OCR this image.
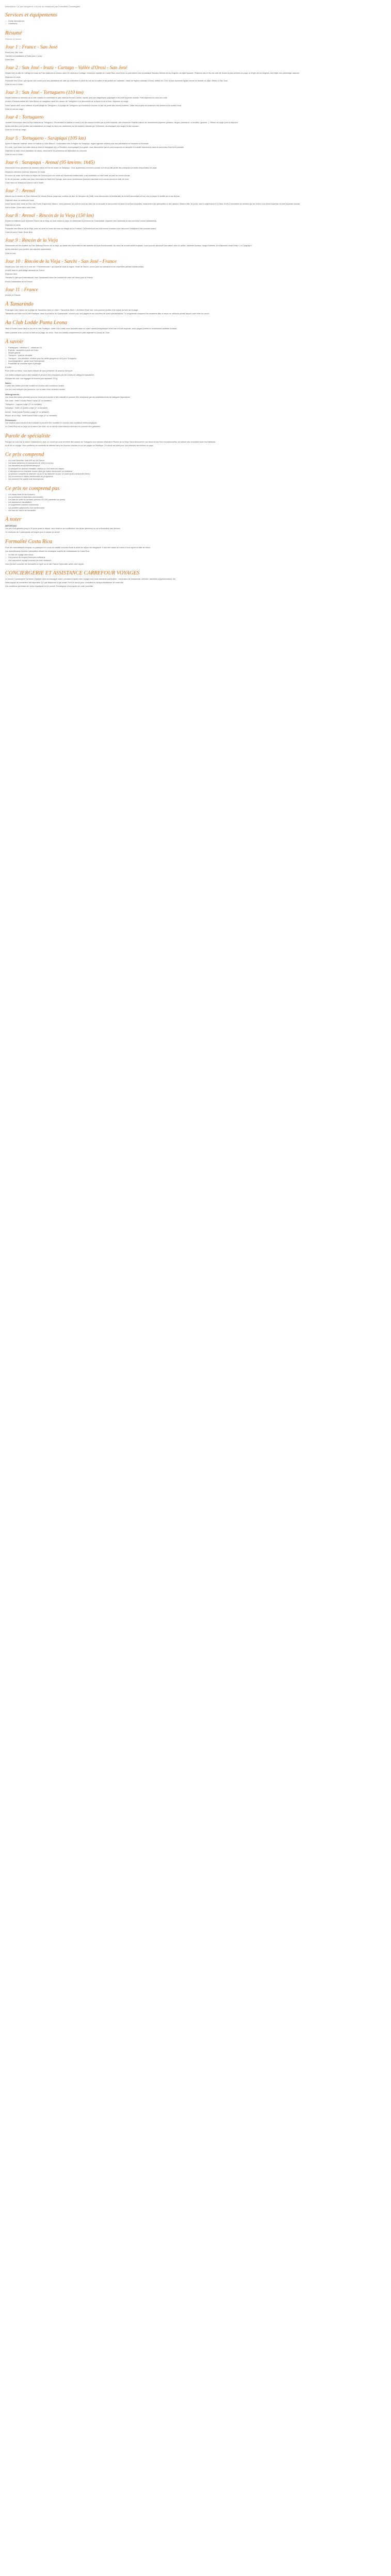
Description: Ce prix comprend / Ce prix ne comprend pas Formalités Conciergerie

Services et équipements
• Guide francophone
• Carreleurs
Résumé

Résumé du produit

Jour 1 : France - San José

Envol pour San José.

Transfert et installation à l'hôtel pour 2 nuits.

Dîner libre.

Jour 2 : San José - Irazù - Cartago - Vallée d'Orosi - San José

Départ vers la ville de Cartago en route du Parc National du Volcan Irazù. En arrivant à Cartago, l'ancienne capitale du Costa Rica, vous ferez un petit détour vers la basilique Nuestra Señora de los Ángeles, de style byzantin. Plusieurs fois le lieu de culte de l'icône la plus vénérée du pays, la Virgen de los Ángeles, est l'objet d'un pèlerinage national.

Déjeuner en route.

Poursuite vers Orosi, qui expose une cuvée pour ses plantations de café qui s'étendent à perte de vue sur la vallée et les jardins de Lankester. Visite de l'église coloniale d'Orosi, édifiée en 1743, la plus ancienne église encore en activité du pays. Retour à San José.

Dîner et nuit à l'hôtel.

Jour 3 : San José - Tortuguero (110 km)

Départ matinal en direction de la côte caraïbe en traversant le parc national Braulio Carrillo, réputé pour ses magnifiques paysages et sa forêt tropicale humide. Petit-déjeuner en cours de route.

Arrivée à l'embarcadère de Caño Blanco et navigation dans les canaux de Tortuguero à la découverte de la faune et de la flore. Déjeuner au lodge.

Dans l'après-midi, vous visiterez le petit village de Tortuguero, à la plage de Tortuguero qui fonctionne comme un site de ponte des tortues marines. Visite des projets de protection des tortues et du musée local.

Dîner et nuit au lodge.

Jour 4 : Tortuguero

Journée d'excursion dans le Parc National de Tortuguero. Promenade en bateau à moteur sur les canaux bordés par la forêt tropicale, afin d'observer l'habitat naturel de nombreuses espèces (oiseaux, singes, paresseux, crocodiles, iguanes...). Retour au lodge pour le déjeuner.

Après-midi libre pour profiter des installations du lodge ou faire une randonnée sur les sentiers naturels qui l'entourent, accompagné des singes et des oiseaux.

Dîner et 2e nuit au lodge.

Jour 5 : Tortuguero - Sarapiquí (105 km)

Après le déjeuner matinal, retour en bateau à Caño Blanco. Continuation vers la région de Sarapiquí, région agricole célèbre pour ses plantations de bananes et d'ananas.

En route, vous ferez une halte dans le réserve biologique de La Tirimbina. Accompagné d'un guide, vous découvrirez par un pont suspendu la canopée et ensuite descendrez dans le sous-bois d'une forêt primaire.

Déjeuner et visite d'une plantation de cacao, découverte du processus de fabrication du chocolat.

Dîner et nuit à l'hôtel.

Jour 6 : Sarapiquí - Arenal (95 km/env. 1h45)

Découverte d'une plantation de bananes dans une ferme locale de Sarapiquí. Vous apprendrez comment pousse ce fruit qui fait partie des principaux produits d'exportation du pays.

Départ en direction d'Arenal. Déjeuner en route.

En cours de route, arrêt dans la région de Fortuna pour une visite de l'hacienda traditionnelle, puis installation à votre hôtel au pied du volcan Arenal.

En fin de journée, profitez des eaux thermales de Baldi Hot Springs, avec leurs nombreuses piscines naturelles et le volcan Arenal en toile de fond.

Dîner dans un restaurant local et nuit à l'hôtel.

Jour 7 : Arenal

Marche sur le sentier du Parc National du Volcan Arenal, jusqu'aux coulées de lave de l'éruption de 1968, vous découvrirez la biodiversité de la forêt secondaire et une vue à couper le souffle sur le lac Arenal.

Déjeuner dans un restaurant local.

Dans l'après-midi, visite du Parc des Ponts Suspendus Mistico. Vous passerez de pont en pont au cœur de la canopée et découvrirez la faune et la flore tropicales, notamment des grenouilles et des oiseaux. Mistico offre 16 ponts, dont 6 suspendus et 10 fixes, et les 3 kilomètres de sentiers qui les relient vous feront traverser la forêt tropicale humide.

Nuit à l'hôtel. Dîner dans votre hôtel.

Jour 8 : Arenal - Rincón de la Vieja (150 km)

Départ en matinée pour rejoindre Rincón de la Vieja, au nord-ouest du pays, en traversant la province du Guanacaste, royaume des haciendas et des cow-boys locaux (sabaneros).

Déjeuner en route.

Poursuite vers Rincón de la Vieja, avec un arrêt en cours de route au village de La Fortuna. Cet endroit est une très bonne occasion pour découvrir l'artisanat et les produits locaux.

Dîner et nuit à l'hôtel. Dîner libre.

Jour 9 : Rincón de la Vieja

Randonnée sur les sentiers du Parc National Rincón de la Vieja, qui abrite des fumerolles et des bassins de boue bouillonnante. Au cœur de la forêt sèche tropicale, vous pourrez découvrir une nature riche et variée, observer toucans, singes hurleurs, et la fameuse chute d'eau « La Cangreja ».

Après-midi libre pour profiter des activités optionnelles.

Dîner et nuit.

Jour 10 : Rincón de la Vieja - Sarchí - San José - France

Départ pour San José où le nom de « Panamericana » qui traverse toute la région. Visite de Sarchí, connu pour son artisanat et les charrettes peintes traditionnelles.

Arrivée dans le petit village artisanal de Sarchí.

Déjeuner libre.

Transfert à l'aéroport international Juan Santamaría selon les horaires de votre vol retour pour la France.

Envol à destination de la France.

Jour 11 : France

Arrivée en France.

À Tamarindo

Prolongez votre séjour sur la plage de Tamarindo dans un hôtel « Tamarindo Diria ». Au terme d'une nuit, vous pourrez profiter d'un séjour au bord de la plage.

Tamarindo est situé sur la côte Pacifique, dans la province du Guanacaste, connue pour ses plages et ses couchers de soleil spectaculaires. Ce programme comprend les transferts aller et retour en véhicule privatif depuis votre hôtel du circuit.

Au Club Lodde Punta Leona

Situé à Punta Leona dans le sud de la côte Pacifique, notre Club Lodde vous accueille dans un cadre naturel exceptionnel entre mer et forêt tropicale, avec plages privées et nombreuses activités incluses.

Votre chambre avec vue sur la forêt ou la plage, au choix. Tous nos forfaits comprennent le petit-déjeuner et l'accès au Club.

À savoir
• Participants : minimum 2 - maximum 24
• Enfants : acceptés à partir de 8 ans
• Départ garanti
• Transport : autocar climatisé
• Transport : bus climatisé, minibus pour les petits groupes ou 4x4 pour Tortuguero
• Accompagnateur : guide local francophone
• Possibilité de chambre triple à partager

À noter :

Pour votre vol retour, vous aurez besoin de vous présenter 3h avant à l'aéroport.

Les hôtels indiqués sont à titre indicatif et peuvent être remplacés par des hôtels de catégorie équivalente.

Pendant les vols, vos bagages ne doivent pas dépasser 23 kg.

Notes :

L'ordre des visites peut être modifié en fonction des conditions locales.

Les prix sont indiqués par personne, sur la base d'une chambre double.

Hébergements :

Les noms des hôtels précisés pour ce circuit sont donnés à titre indicatif et pourront être remplacés par des établissements de catégorie équivalente.

San José : Hotel Country Plaza Cariari (4* ou similaire)

Tortuguero : Laguna Lodge (3* ou similaire)

Sarapiquí : Hotel La Quinta Lodge (3* ou similaire)

Arenal : Hotel Arenal Paraíso Lodge (3* ou similaire)

Rincón de la Vieja : Hotel Buena Vista Lodge (3* ou similaire)

Remarques :

Les horaires sont donnés à titre indicatif et peuvent être modifiés en fonction des conditions météorologiques.

Le Costa Rica est un pays où la nature est reine, de ce fait les observations d'animaux ne peuvent être garanties.

Parole de spécialiste

Plongez au cœur de la nature costaricienne avec ce circuit qui vous emmène des canaux de Tortuguero aux volcans d'Arenal et Rincón de la Vieja. Vous découvrirez une faune et une flore exceptionnelles, au rythme des rencontres avec les habitants.

Au fil de ce voyage, vous profiterez de moments de détente dans les sources chaudes et sur les plages du Pacifique. Ce circuit est idéal pour une première découverte du pays.

Ce prix comprend
• Les vols Paris/San José A/R sur Air France
• Les taxes aériennes et redevances de 136 € à ce jour
• Les transferts aéroport/hôtel/aéroport
• Le transport en autocar climatisé, minibus ou 4x4 selon les étapes
• L'hébergement en chambre double dans les hôtels mentionnés ou similaires
• La pension complète du déjeuner du jour 2 au déjeuner du jour 10 (sauf repas mentionnés libres)
• Les excursions et visites mentionnées au programme
• Les services d'un guide local francophone
Ce prix ne comprend pas
• Les repas libres et les boissons
• Les pourboires et dépenses personnelles
• Les frais de sortie du territoire (environ 29 USD payables sur place)
• Les assurances facultatives
• Le supplément chambre individuelle
• Les activités optionnelles non mentionnées
• Les frais de visa et de formalités
À noter
IMPORTANT

Les prix sont garantis jusqu'à 30 jours avant le départ, sous réserve de modification des taxes aériennes ou de la fluctuation des devises.

Un minimum de 2 participants est requis pour le départ du circuit.

Formalité Costa Rica

Pour les ressortissants français, un passeport en cours de validité couvrant toute la durée du séjour est obligatoire. Il doit être valide au moins 6 mois après la date de retour.

Les ressortissants d'autres nationalités doivent se renseigner auprès de l'ambassade du Costa Rica.

• Un titre de voyage aller-retour
• Une preuve de moyens financiers suffisants
• Une assurance voyage couvrant les frais médicaux

Vous pouvez consulter les formalités en ligne sur le site France Diplomatie avant votre départ.

CONCIERGERIE ET ASSISTANCE CARREFOUR VOYAGES

Le service Conciergerie Carrefour Voyages vous accompagne avant, pendant et après votre voyage pour toute demande particulière : réservation de restaurants, activités, transferts supplémentaires, etc.

Notre équipe de conseillers est disponible 7j/7 par téléphone et par email. Pour en savoir plus, consultez la rubrique Assistance de notre site.

Les conditions générales de vente s'appliquent à ce produit. Renseignez-vous auprès de votre conseiller.
